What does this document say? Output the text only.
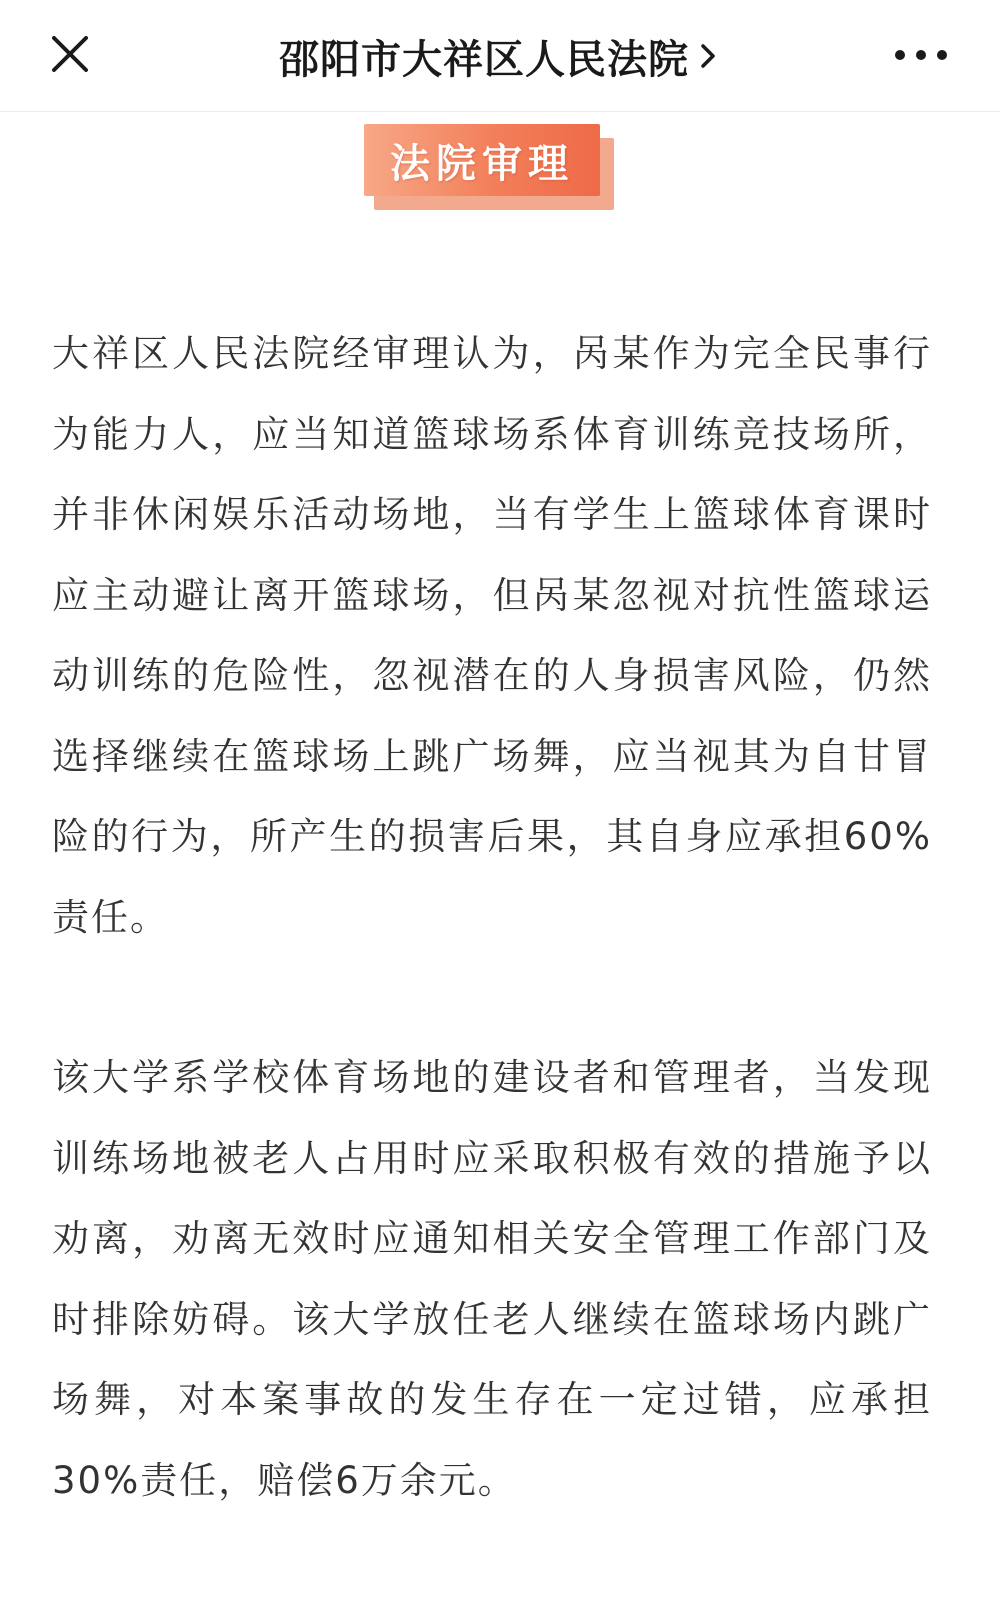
邵阳市大祥区人民法院
法院审理

大祥区人民法院经审理认为，呙某作为完全民事行为能力人，应当知道篮球场系体育训练竞技场所，并非休闲娱乐活动场地，当有学生上篮球体育课时应主动避让离开篮球场，但呙某忽视对抗性篮球运动训练的危险性，忽视潜在的人身损害风险，仍然选择继续在篮球场上跳广场舞，应当视其为自甘冒险的行为，所产生的损害后果，其自身应承担60%责任。

该大学系学校体育场地的建设者和管理者，当发现训练场地被老人占用时应采取积极有效的措施予以劝离，劝离无效时应通知相关安全管理工作部门及时排除妨碍。该大学放任老人继续在篮球场内跳广场舞，对本案事故的发生存在一定过错，应承担30%责任，赔偿6万余元。
